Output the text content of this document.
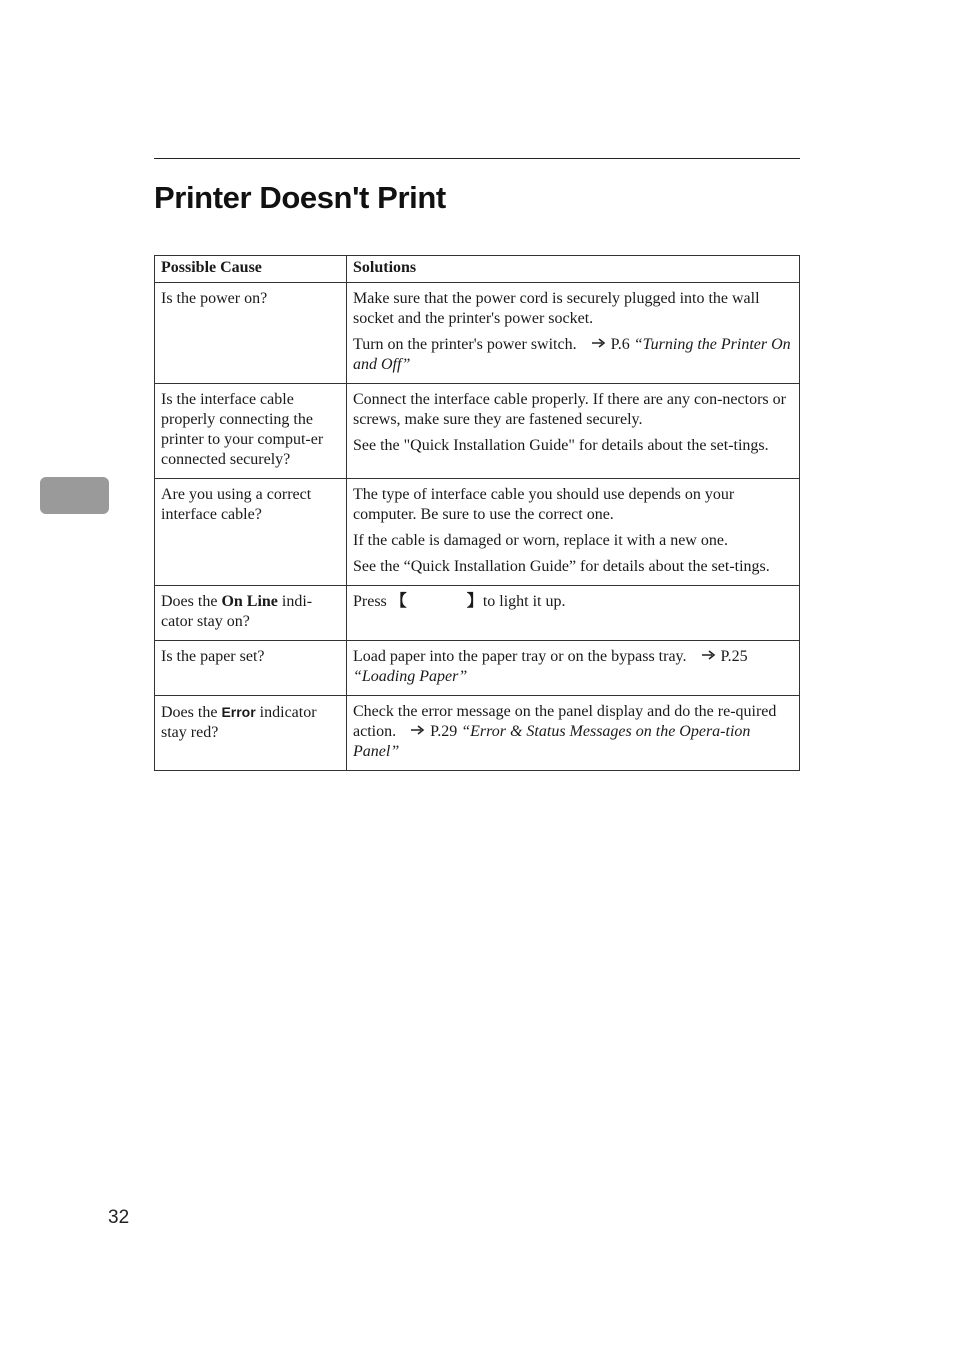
Printer Doesn't Print
Possible Cause	Solutions
Is the power on?	Make sure that the power cord is securely plugged into the wall socket and the printer's power socket.

Turn on the printer's power switch. P.6 “Turning the Printer On and Off”

Is the interface cable properly connecting the printer to your comput-er connected securely?	Connect the interface cable properly. If there are any con-nectors or screws, make sure they are fastened securely.

See the "Quick Installation Guide" for details about the set-tings.

Are you using a correct interface cable?	The type of interface cable you should use depends on your computer. Be sure to use the correct one.

If the cable is damaged or worn, replace it with a new one.

See the “Quick Installation Guide” for details about the set-tings.

Does the On Line indi-cator stay on?	Press 【 】to light it up.

Is the paper set?	Load paper into the paper tray or on the bypass tray. P.25 “Loading Paper”

Does the Error indicator stay red?	Check the error message on the panel display and do the re-quired action. P.29 “Error & Status Messages on the Opera-tion Panel”

32
